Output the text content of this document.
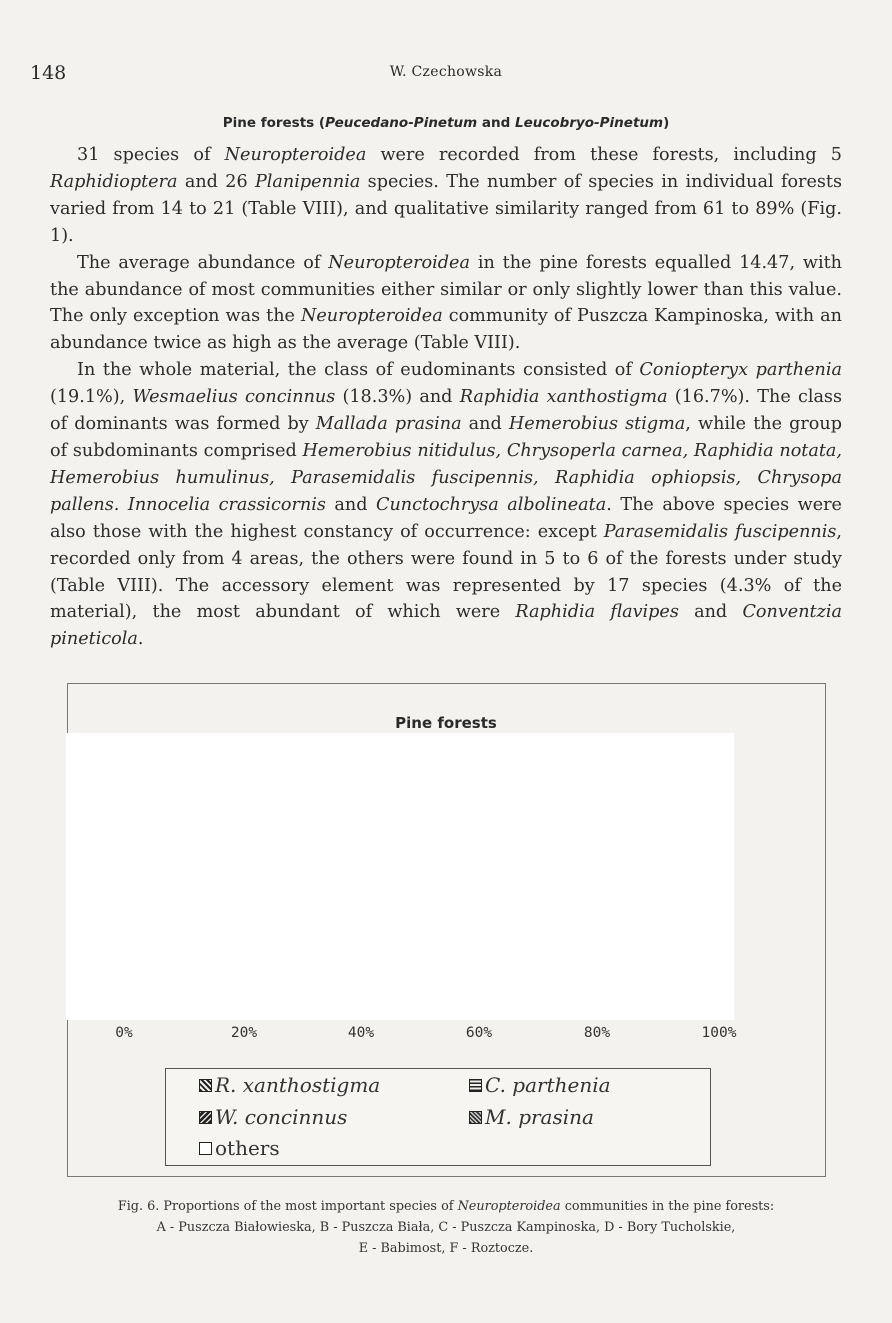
148	W. Czechowska
Pine forests (Peucedano-Pinetum and Leucobryo-Pinetum)

31 species of Neuropteroidea were recorded from these forests, including 5 Raphidioptera and 26 Planipennia species. The number of species in individual forests varied from 14 to 21 (Table VIII), and qualitative similarity ranged from 61 to 89% (Fig. 1).

The average abundance of Neuropteroidea in the pine forests equalled 14.47, with the abundance of most communities either similar or only slightly lower than this value. The only exception was the Neuropteroidea community of Puszcza Kampinoska, with an abundance twice as high as the average (Table VIII).

In the whole material, the class of eudominants consisted of Coniopteryx parthenia (19.1%), Wesmaelius concinnus (18.3%) and Raphidia xanthostigma (16.7%). The class of dominants was formed by Mallada prasina and Hemerobius stigma, while the group of subdominants comprised Hemerobius nitidulus, Chrysoperla carnea, Raphidia notata, Hemerobius humulinus, Parasemidalis fuscipennis, Raphidia ophiopsis, Chrysopa pallens. Innocelia crassicornis and Cunctochrysa albolineata. The above species were also those with the highest constancy of occurrence: except Parasemidalis fuscipennis, recorded only from 4 areas, the others were found in 5 to 6 of the forests under study (Table VIII). The accessory element was represented by 17 species (4.3% of the material), the most abundant of which were Raphidia flavipes and Conventzia pineticola.

Pine forests
0%	20%	40%	60%	80%	100%
R. xanthostigma	C. parthenia
W. concinnus	M. prasina
others
Fig. 6. Proportions of the most important species of Neuropteroidea communities in the pine forests:
A - Puszcza Białowieska, B - Puszcza Biała, C - Puszcza Kampinoska, D - Bory Tucholskie,
E - Babimost, F - Roztocze.
